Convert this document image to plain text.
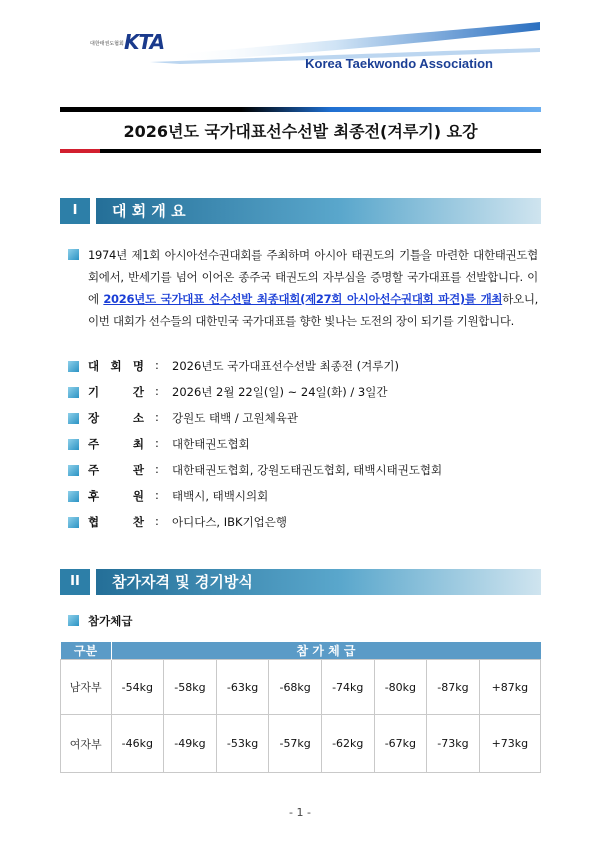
대한태권도협회 KTA
Korea Taekwondo Association
2026년도 국가대표선수선발 최종전(겨루기) 요강
I	대 회 개 요
1974년 제1회 아시아선수권대회를 주최하며 아시아 태권도의 기틀을 마련한 대한태권도협회에서, 반세기를 넘어 이어온 종주국 태권도의 자부심을 증명할 국가대표를 선발합니다. 이에 2026년도 국가대표 선수선발 최종대회(제27회 아시아선수권대회 파견)를 개최하오니, 이번 대회가 선수들의 대한민국 국가대표를 향한 빛나는 도전의 장이 되기를 기원합니다.
대 회 명 : 2026년도 국가대표선수선발 최종전 (겨루기)
기	간 : 2026년 2월 22일(일) ~ 24일(화) / 3일간
장	소 : 강원도 태백 / 고원체육관
주	최 : 대한태권도협회
주	관 : 대한태권도협회, 강원도태권도협회, 태백시태권도협회
후	원 : 태백시, 태백시의회
협	찬 : 아디다스, IBK기업은행
II	참가자격 및 경기방식
참가체급
구분	참 가 체 급							
남자부	-54kg	-58kg	-63kg	-68kg	-74kg	-80kg	-87kg	+87kg
여자부	-46kg	-49kg	-53kg	-57kg	-62kg	-67kg	-73kg	+73kg
- 1 -
